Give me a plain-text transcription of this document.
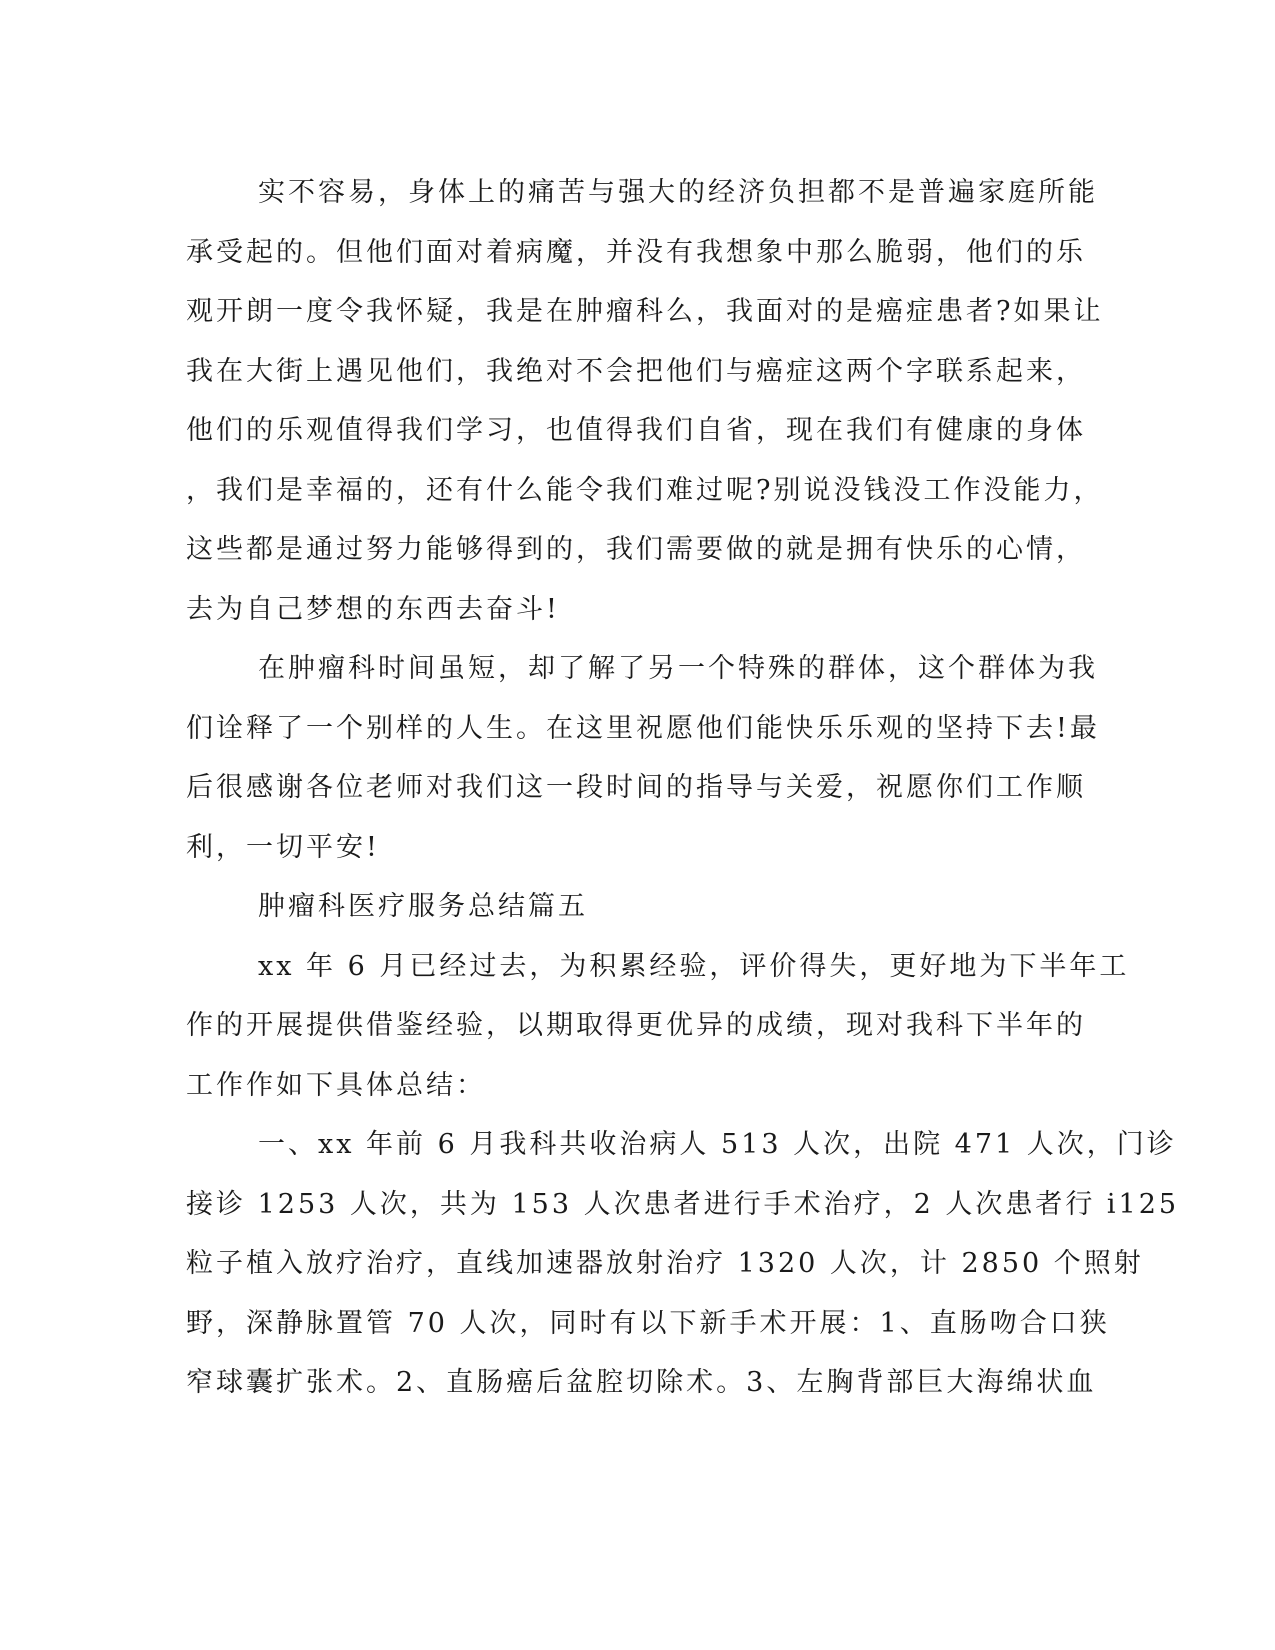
实不容易，身体上的痛苦与强大的经济负担都不是普遍家庭所能
承受起的。但他们面对着病魔，并没有我想象中那么脆弱，他们的乐
观开朗一度令我怀疑，我是在肿瘤科么，我面对的是癌症患者?如果让
我在大街上遇见他们，我绝对不会把他们与癌症这两个字联系起来，
他们的乐观值得我们学习，也值得我们自省，现在我们有健康的身体
，我们是幸福的，还有什么能令我们难过呢?别说没钱没工作没能力，
这些都是通过努力能够得到的，我们需要做的就是拥有快乐的心情，
去为自己梦想的东西去奋斗!
在肿瘤科时间虽短，却了解了另一个特殊的群体，这个群体为我
们诠释了一个别样的人生。在这里祝愿他们能快乐乐观的坚持下去!最
后很感谢各位老师对我们这一段时间的指导与关爱，祝愿你们工作顺
利，一切平安!
肿瘤科医疗服务总结篇五
xx 年 6 月已经过去，为积累经验，评价得失，更好地为下半年工
作的开展提供借鉴经验，以期取得更优异的成绩，现对我科下半年的
工作作如下具体总结：
一、xx 年前 6 月我科共收治病人 513 人次，出院 471 人次，门诊
接诊 1253 人次，共为 153 人次患者进行手术治疗，2 人次患者行 i125
粒子植入放疗治疗，直线加速器放射治疗 1320 人次，计 2850 个照射
野，深静脉置管 70 人次，同时有以下新手术开展：1、直肠吻合口狭
窄球囊扩张术。2、直肠癌后盆腔切除术。3、左胸背部巨大海绵状血
